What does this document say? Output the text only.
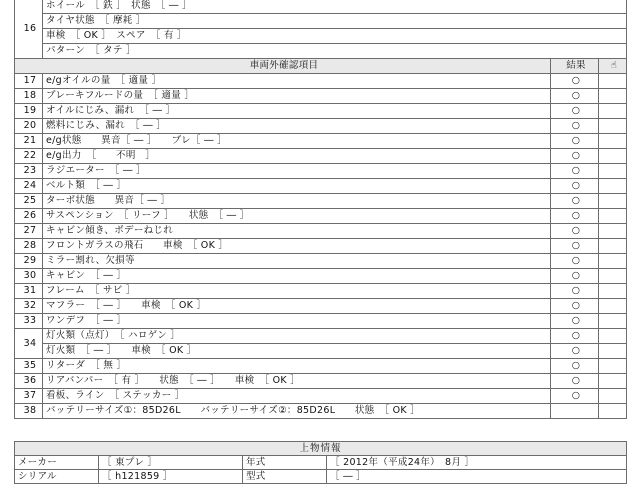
16	ホイール　［ 鉄 ］　状態　［ ― ］		
	タイヤ状態　［ 摩耗 ］		
	車検　［ OK ］　スペア　［ 有 ］		
	パターン　［ タテ ］		
車両外確認項目		結果	☝
17	e/gオイルの量　［ 適量 ］	○	
18	ブレーキフルードの量　［ 適量 ］	○	
19	オイルにじみ、漏れ　［ ― ］	○	
20	燃料にじみ、漏れ　［ ― ］	○	
21	e/g状態　　異音［ ― ］　　ブレ［ ― ］	○	
22	e/g出力　［　　不明　］	○	
23	ラジエーター　［ ― ］	○	
24	ベルト類　［ ― ］	○	
25	ターボ状態　　異音［ ― ］	○	
26	サスペンション　［ リーフ ］　　状態　［ ― ］	○	
27	キャビン傾き、ボデーねじれ	○	
28	フロントガラスの飛石　　車検　［ OK ］	○	
29	ミラー割れ、欠損等	○	
30	キャビン　［ ― ］	○	
31	フレーム　［ サビ ］	○	
32	マフラー　［ ― ］　　車検　［ OK ］	○	
33	ワンデフ　［ ― ］	○	
34	灯火類（点灯）　［ ハロゲン ］	○	
	灯火類　［ ― ］　　車検　［ OK ］	○	
35	リターダ　［ 無 ］	○	
36	リアバンパー　［ 有 ］　　状態　［ ― ］　　車検　［ OK ］	○	
37	看板、ライン　［ ステッカー ］	○	
38	バッテリーサイズ①：85D26L　　バッテリーサイズ②：85D26L　　状態　［ OK ］		
上物情報			
メーカー	［ 東プレ ］	年式	［ 2012年（平成24年）　8月 ］
シリアル	［ h121859 ］	型式	［ ― ］
